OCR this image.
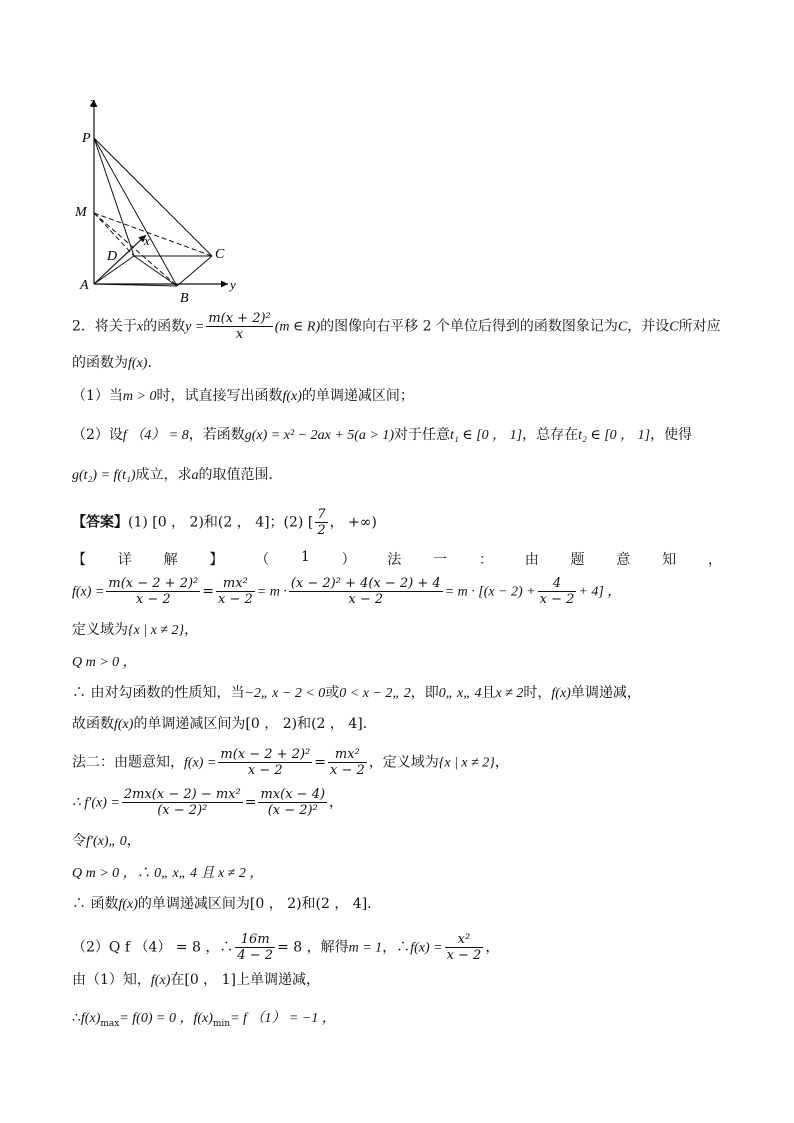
z
P
M
D
x
C
A
B
y
2．将关于x的函数$y = \frac{\text{m(x + 2)²}}{x} (m$ ∈ R)的图像向右平移 2 个单位后得到的函数图象记为C，并设C所对应
的函数为f(x)．
（1）当m > 0时，试直接写出函数f(x)的单调递减区间；
（2）设f （4） = 8，若函数g(x) = x² − 2ax + 5(a > 1)对于任意t₁ ∈ [0 ， 1]，总存在t₂ ∈ [0 ， 1]，使得
g(t₂) = f(t₁)成立，求a的取值范围．
【答案】(1) [0 ， 2)和(2 ， 4]；(2) [ $\frac{7}{2}$ ， +∞)
【 详 解 】 （ 1 ） 法 一 ： 由 题 意 知 ，
$f(x) = \frac{\text{m(x − 2 + 2)²}}{x - 2} = \frac{\text{mx²}}{x - 2} = m \cdot \frac{\text{(x − 2)² + 4(x − 2) + 4}}{x - 2} = m \cdot [(x - 2) + \frac{4}{x - 2} + 4]$ ，
定义域为{x | x ≠ 2}，
Q m > 0 ，
∴ 由对勾函数的性质知，当−2„ x − 2 < 0或0 < x − 2„ 2，即0„ x„ 4且x ≠ 2时，f(x)单调递减，
故函数f(x)的单调递减区间为[0 ， 2)和(2 ， 4]．
法二：由题意知，$f(x) = \frac{\text{m(x − 2 + 2)²}}{x - 2} = \frac{\text{mx²}}{x - 2}$ ，定义域为{x | x ≠ 2}，
∴ $f'(x) = \frac{\text{2mx(x − 2) − mx²}}{\text{(x − 2)²}} = \frac{mx(x - 4)}{\text{(x − 2)²}}$ ，
令f′(x)„ 0，
Q m > 0 ，∴ 0„ x„ 4 且 x ≠ 2 ，
∴ 函数f(x)的单调递减区间为[0 ， 2)和(2 ， 4]．
（2）Q f （4） = 8 ，∴ $\frac{16m}{4 - 2} = 8$ ，解得m = 1，∴f(x) = $\frac{\text{x²}}{x - 2}$ ，
由（1）知，f(x)在[0 ， 1]上单调递减，
$\therefore f(x)_{max}= f(0) = 0$ ，$f(x)_{min}= f$ （1） = −1 ，
